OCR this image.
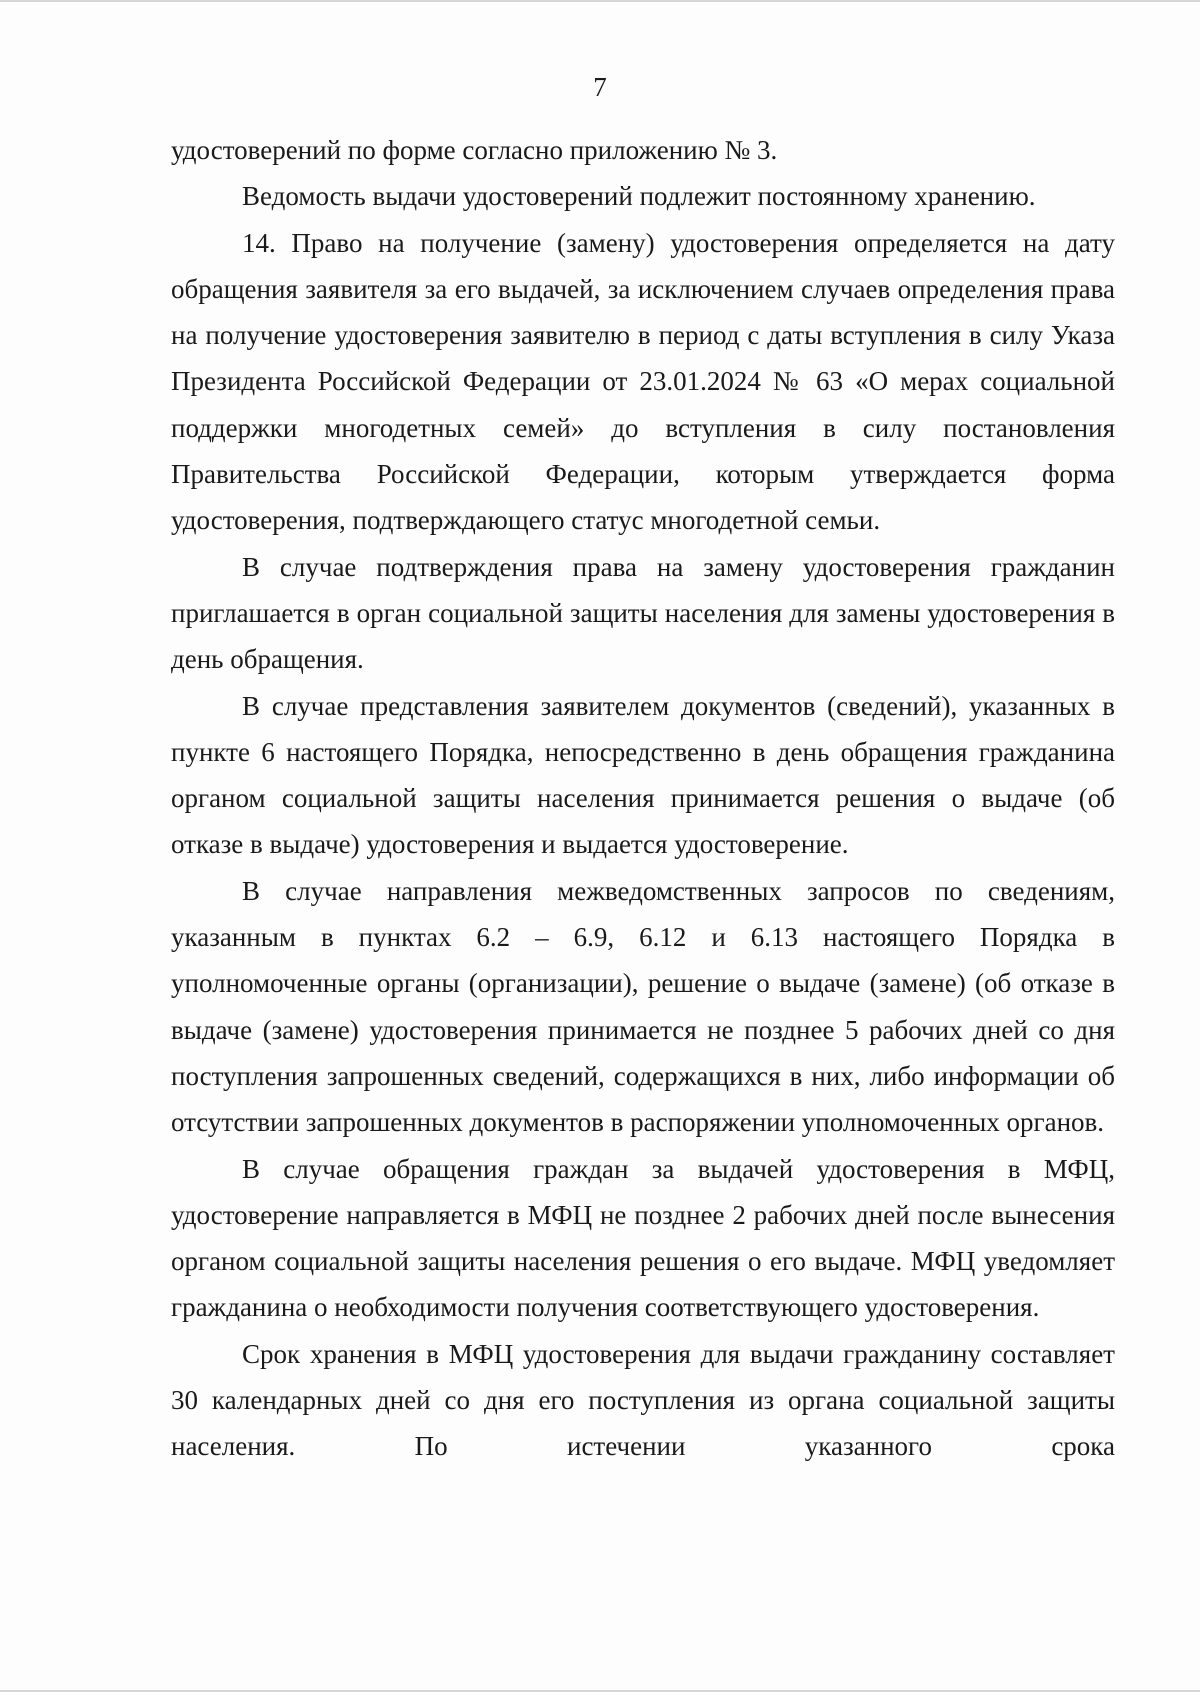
7

удостоверений по форме согласно приложению № 3.

Ведомость выдачи удостоверений подлежит постоянному хранению.

14. Право на получение (замену) удостоверения определяется на дату обращения заявителя за его выдачей, за исключением случаев определения права на получение удостоверения заявителю в период с даты вступления в силу Указа Президента Российской Федерации от 23.01.2024 № 63 «О мерах социальной поддержки многодетных семей» до вступления в силу постановления Правительства Российской Федерации, которым утверждается форма удостоверения, подтверждающего статус многодетной семьи.

В случае подтверждения права на замену удостоверения гражданин приглашается в орган социальной защиты населения для замены удостоверения в день обращения.

В случае представления заявителем документов (сведений), указанных в пункте 6 настоящего Порядка, непосредственно в день обращения гражданина органом социальной защиты населения принимается решения о выдаче (об отказе в выдаче) удостоверения и выдается удостоверение.

В случае направления межведомственных запросов по сведениям, указанным в пунктах 6.2 – 6.9, 6.12 и 6.13 настоящего Порядка в уполномоченные органы (организации), решение о выдаче (замене) (об отказе в выдаче (замене) удостоверения принимается не позднее 5 рабочих дней со дня поступления запрошенных сведений, содержащихся в них, либо информации об отсутствии запрошенных документов в распоряжении уполномоченных органов.

В случае обращения граждан за выдачей удостоверения в МФЦ, удостоверение направляется в МФЦ не позднее 2 рабочих дней после вынесения органом социальной защиты населения решения о его выдаче. МФЦ уведомляет гражданина о необходимости получения соответствующего удостоверения.

Срок хранения в МФЦ удостоверения для выдачи гражданину составляет 30 календарных дней со дня его поступления из органа социальной защиты населения. По истечении указанного срока
